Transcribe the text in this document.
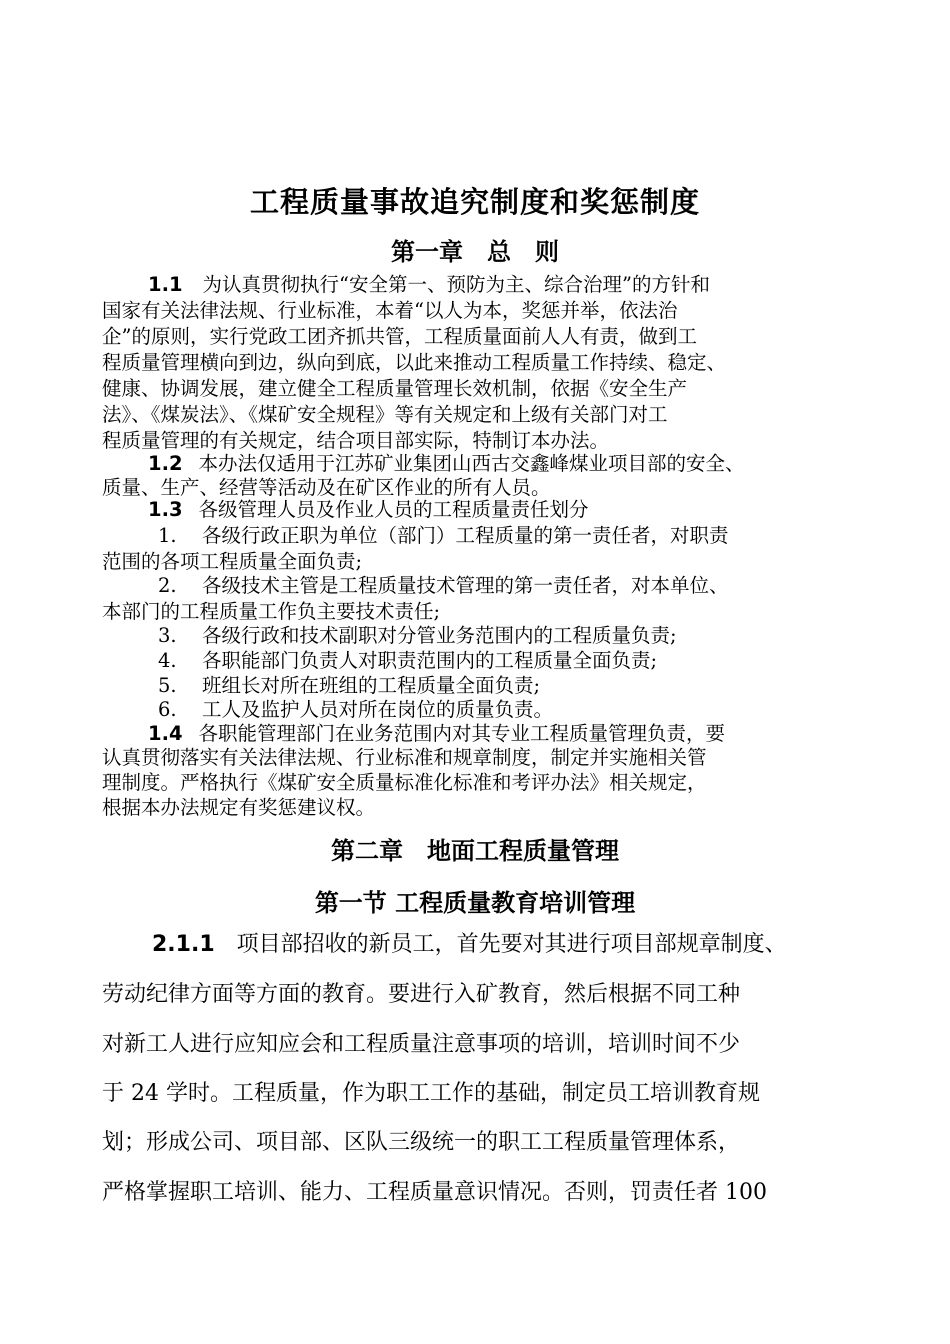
工程质量事故追究制度和奖惩制度
第一章　总　则
1.1 为认真贯彻执行“安全第一、预防为主、综合治理”的方针和
国家有关法律法规、行业标准，本着“以人为本，奖惩并举，依法治
企”的原则，实行党政工团齐抓共管，工程质量面前人人有责，做到工
程质量管理横向到边，纵向到底，以此来推动工程质量工作持续、稳定、
健康、协调发展，建立健全工程质量管理长效机制，依据《安全生产
法》、《煤炭法》、《煤矿安全规程》等有关规定和上级有关部门对工
程质量管理的有关规定，结合项目部实际，特制订本办法。
1.2 本办法仅适用于江苏矿业集团山西古交鑫峰煤业项目部的安全、
质量、生产、经营等活动及在矿区作业的所有人员。
1.3 各级管理人员及作业人员的工程质量责任划分
1. 各级行政正职为单位（部门）工程质量的第一责任者，对职责
范围的各项工程质量全面负责;
2. 各级技术主管是工程质量技术管理的第一责任者，对本单位、
本部门的工程质量工作负主要技术责任;
3. 各级行政和技术副职对分管业务范围内的工程质量负责;
4. 各职能部门负责人对职责范围内的工程质量全面负责;
5. 班组长对所在班组的工程质量全面负责;
6. 工人及监护人员对所在岗位的质量负责。
1.4 各职能管理部门在业务范围内对其专业工程质量管理负责，要
认真贯彻落实有关法律法规、行业标准和规章制度，制定并实施相关管
理制度。严格执行《煤矿安全质量标准化标准和考评办法》相关规定，
根据本办法规定有奖惩建议权。
第二章　地面工程质量管理
第一节 工程质量教育培训管理
2.1.1 项目部招收的新员工，首先要对其进行项目部规章制度、
劳动纪律方面等方面的教育。要进行入矿教育，然后根据不同工种
对新工人进行应知应会和工程质量注意事项的培训，培训时间不少
于 24 学时。工程质量，作为职工工作的基础，制定员工培训教育规
划；形成公司、项目部、区队三级统一的职工工程质量管理体系，
严格掌握职工培训、能力、工程质量意识情况。否则，罚责任者 100
